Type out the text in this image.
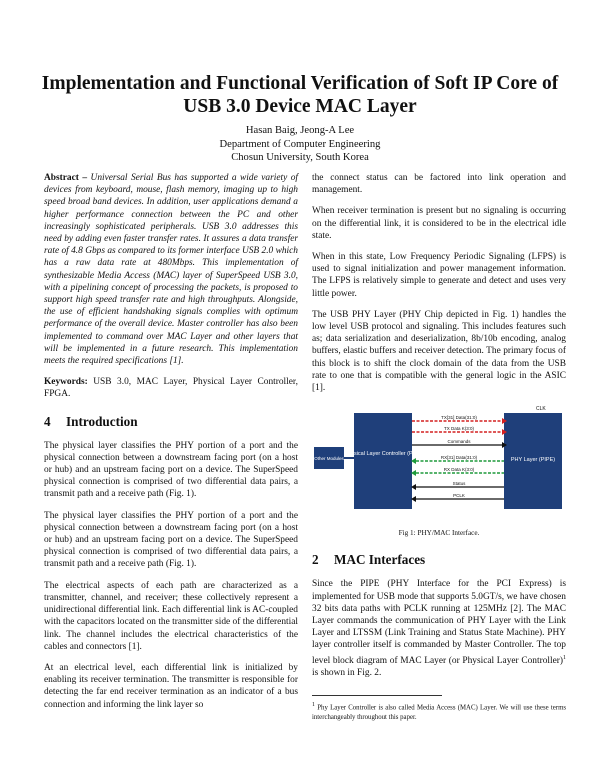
Implementation and Functional Verification of Soft IP Core of USB 3.0 Device MAC Layer
Hasan Baig, Jeong-A Lee
Department of Computer Engineering
Chosun University, South Korea

Abstract – Universal Serial Bus has supported a wide variety of devices from keyboard, mouse, flash memory, imaging up to high speed broad band devices. In addition, user applications demand a higher performance connection between the PC and other increasingly sophisticated peripherals. USB 3.0 addresses this need by adding even faster transfer rates. It assures a data transfer rate of 4.8 Gbps as compared to its former interface USB 2.0 which has a raw data rate at 480Mbps. This implementation of synthesizable Media Access (MAC) layer of SuperSpeed USB 3.0, with a pipelining concept of processing the packets, is proposed to support high speed transfer rate and high throughputs. Alongside, the use of efficient handshaking signals complies with optimum performance of the overall device. Master controller has also been implemented to command over MAC Layer and other layers that will be implemented in a future research. This implementation meets the required specifications [1].

Keywords: USB 3.0, MAC Layer, Physical Layer Controller, FPGA.

4 Introduction

The physical layer classifies the PHY portion of a port and the physical connection between a downstream facing port (on a host or hub) and an upstream facing port on a device. The SuperSpeed physical connection is comprised of two differential data pairs, a transmit path and a receive path (Fig. 1).

The physical layer classifies the PHY portion of a port and the physical connection between a downstream facing port (on a host or hub) and an upstream facing port on a device. The SuperSpeed physical connection is comprised of two differential data pairs, a transmit path and a receive path (Fig. 1).

The electrical aspects of each path are characterized as a transmitter, channel, and receiver; these collectively represent a unidirectional differential link. Each differential link is AC-coupled with the capacitors located on the transmitter side of the differential link. The channel includes the electrical characteristics of the cables and connectors [1].

At an electrical level, each differential link is initialized by enabling its receiver termination. The transmitter is responsible for detecting the far end receiver termination as an indicator of a bus connection and informing the link layer so

the connect status can be factored into link operation and management.

When receiver termination is present but no signaling is occurring on the differential link, it is considered to be in the electrical idle state.

When in this state, Low Frequency Periodic Signaling (LFPS) is used to signal initialization and power management information. The LFPS is relatively simple to generate and detect and uses very little power.

The USB PHY Layer (PHY Chip depicted in Fig. 1) handles the low level USB protocol and signaling. This includes features such as; data serialization and deserialization, 8b/10b encoding, analog buffers, elastic buffers and receiver detection. The primary focus of this block is to shift the clock domain of the data from the USB rate to one that is compatible with the general logic in the ASIC [1].

Other Modules
Physical Layer Controller (PLC)
PHY Layer (PIPE)
CLK
TX[31] Data(31:0)
TX Data K(3:0)
Commands
RX[31] Data(31:0)
RX Data K(3:0)
Status
PCLK
Fig 1: PHY/MAC Interface.
2 MAC Interfaces

Since the PIPE (PHY Interface for the PCI Express) is implemented for USB mode that supports 5.0GT/s, we have chosen 32 bits data paths with PCLK running at 125MHz [2]. The MAC Layer commands the communication of PHY Layer with the Link Layer and LTSSM (Link Training and Status State Machine). PHY layer controller itself is commanded by Master Controller. The top level block diagram of MAC Layer (or Physical Layer Controller)$^1$ is shown in Fig. 2.

$^1$ Phy Layer Controller is also called Media Access (MAC) Layer. We will use these terms interchangeably throughout this paper.
